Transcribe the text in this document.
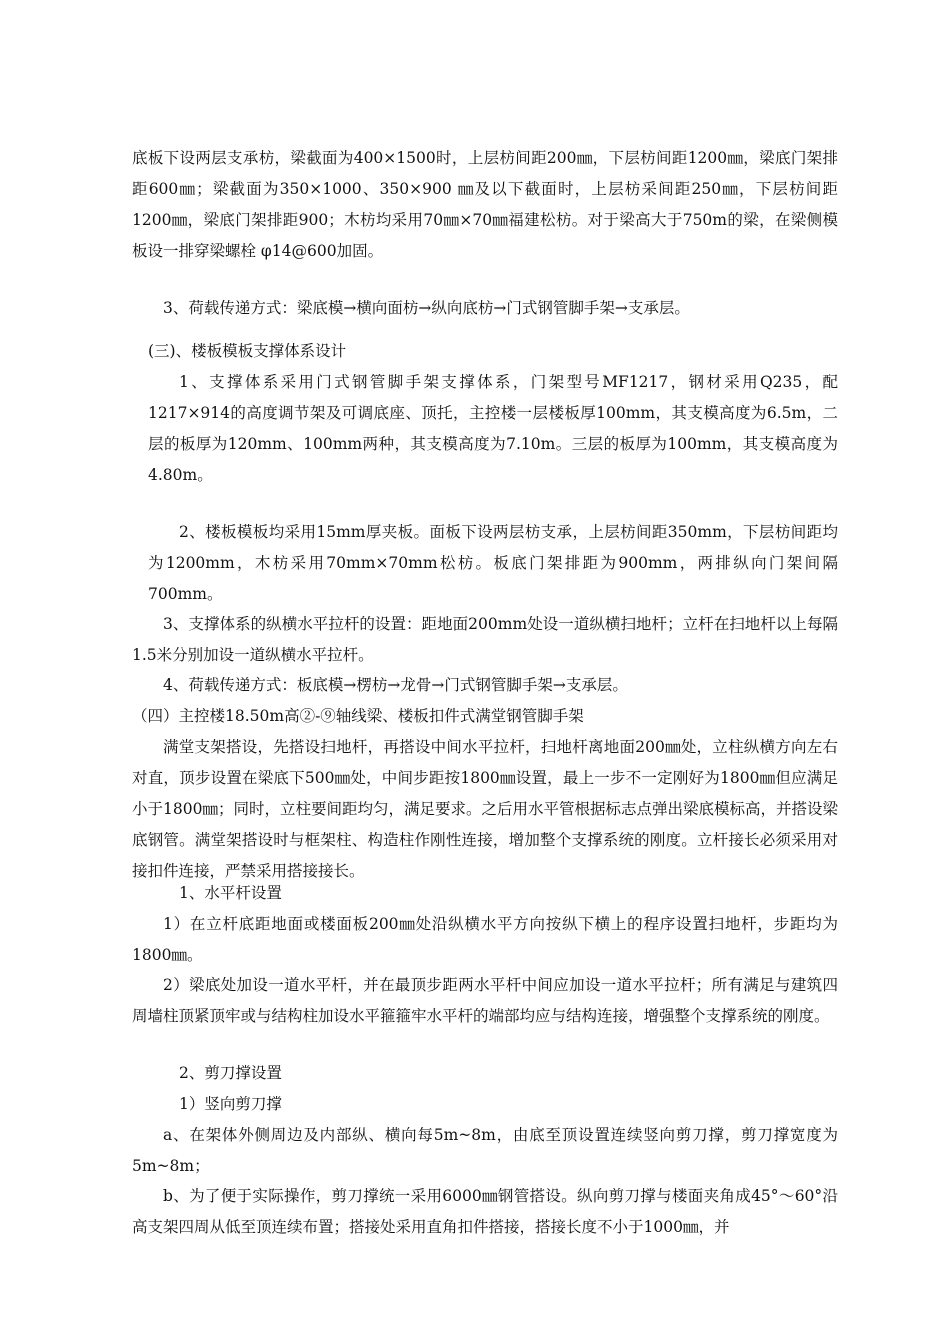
底板下设两层支承枋，梁截面为400×1500时，上层枋间距200㎜，下层枋间距1200㎜，梁底门架排距600㎜；梁截面为350×1000、350×900 ㎜及以下截面时，上层枋采间距250㎜，下层枋间距1200㎜，梁底门架排距900；木枋均采用70㎜×70㎜福建松枋。对于梁高大于750m的梁，在梁侧模板设一排穿梁螺栓 φ14@600加固。

3、荷载传递方式：梁底模→横向面枋→纵向底枋→门式钢管脚手架→支承层。

(三)、楼板模板支撑体系设计

1、支撑体系采用门式钢管脚手架支撑体系，门架型号MF1217，钢材采用Q235，配1217×914的高度调节架及可调底座、顶托，主控楼一层楼板厚100mm，其支模高度为6.5m，二层的板厚为120mm、100mm两种，其支模高度为7.10m。三层的板厚为100mm，其支模高度为4.80m。

2、楼板模板均采用15mm厚夹板。面板下设两层枋支承，上层枋间距350mm，下层枋间距均为1200mm，木枋采用70mm×70mm松枋。板底门架排距为900mm，两排纵向门架间隔700mm。

3、支撑体系的纵横水平拉杆的设置：距地面200mm处设一道纵横扫地杆；立杆在扫地杆以上每隔1.5米分别加设一道纵横水平拉杆。

4、荷载传递方式：板底模→楞枋→龙骨→门式钢管脚手架→支承层。

（四）主控楼18.50m高②-⑨轴线梁、楼板扣件式满堂钢管脚手架

满堂支架搭设，先搭设扫地杆，再搭设中间水平拉杆，扫地杆离地面200㎜处，立柱纵横方向左右对直，顶步设置在梁底下500㎜处，中间步距按1800㎜设置，最上一步不一定刚好为1800㎜但应满足小于1800㎜；同时，立柱要间距均匀，满足要求。之后用水平管根据标志点弹出梁底模标高，并搭设梁底钢管。满堂架搭设时与框架柱、构造柱作刚性连接，增加整个支撑系统的刚度。立杆接长必须采用对接扣件连接，严禁采用搭接接长。

1、水平杆设置

1）在立杆底距地面或楼面板200㎜处沿纵横水平方向按纵下横上的程序设置扫地杆，步距均为1800㎜。

2）梁底处加设一道水平杆，并在最顶步距两水平杆中间应加设一道水平拉杆；所有满足与建筑四周墙柱顶紧顶牢或与结构柱加设水平箍箍牢水平杆的端部均应与结构连接，增强整个支撑系统的刚度。

2、剪刀撑设置

1）竖向剪刀撑

a、在架体外侧周边及内部纵、横向每5m~8m，由底至顶设置连续竖向剪刀撑，剪刀撑宽度为5m~8m；

b、为了便于实际操作，剪刀撑统一采用6000㎜钢管搭设。纵向剪刀撑与楼面夹角成45°～60°沿高支架四周从低至顶连续布置；搭接处采用直角扣件搭接，搭接长度不小于1000㎜，并
